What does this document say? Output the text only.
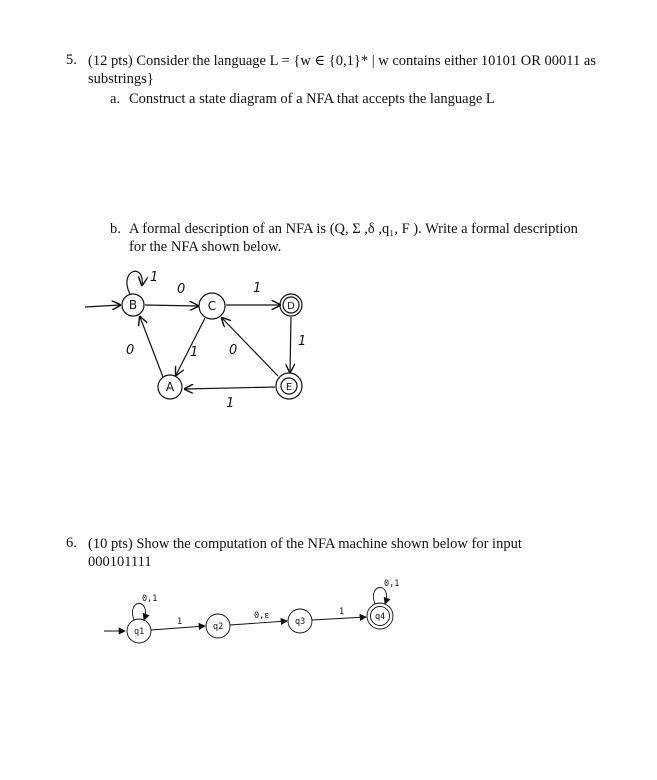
5. (12 pts) Consider the language L = {w ∈ {0,1}* | w contains either 10101 OR 00011 as
substrings}
a. Construct a state diagram of a NFA that accepts the language L
b. A formal description of an NFA is (Q, Σ ,δ ,q₁, F ). Write a formal description
for the NFA shown below.
B	C	D
A	E
1
0	1
0	1 0
1
1
6. (10 pts) Show the computation of the NFA machine shown below for input
000101111
q1	q2	q3	q4
0,1
0,1
1
0,ε	1
